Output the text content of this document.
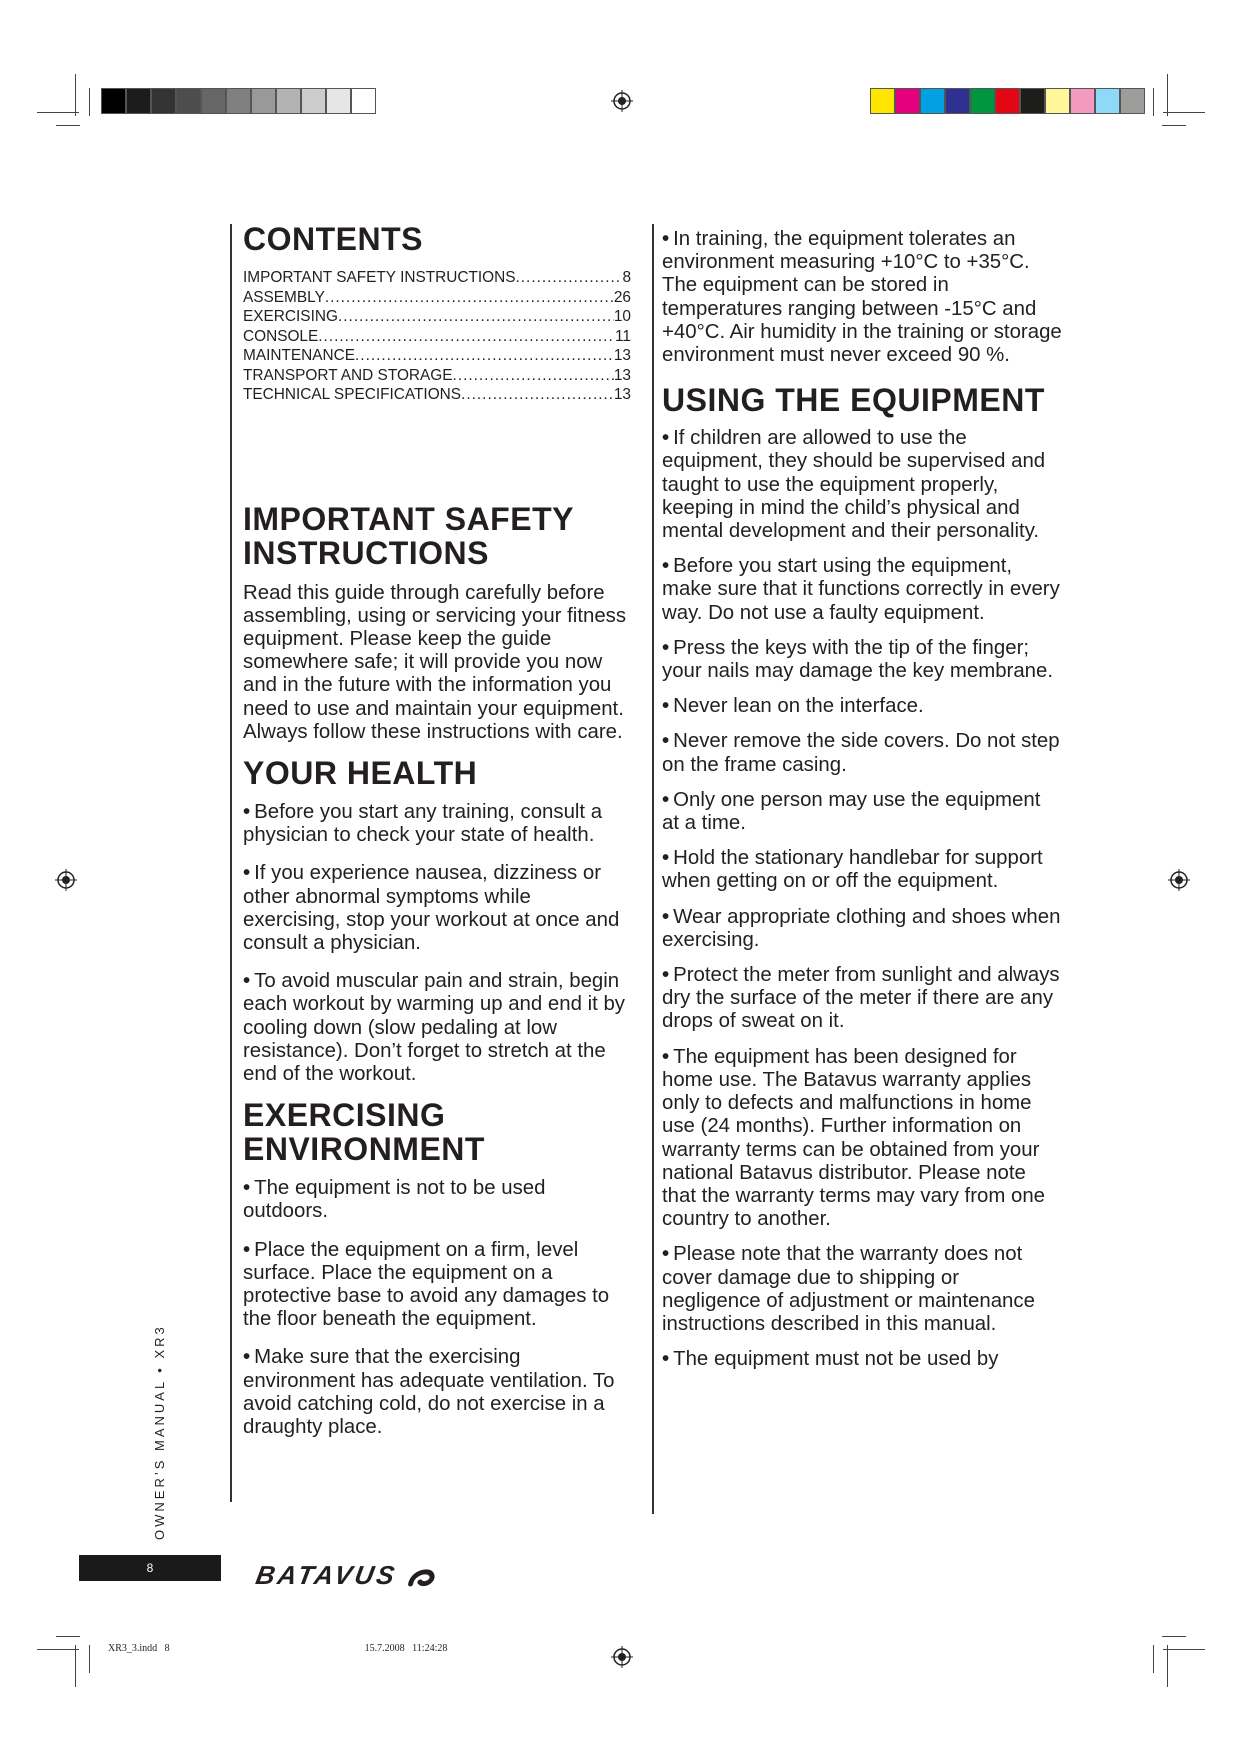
CONTENTS
IMPORTANT SAFETY INSTRUCTIONS .....	8
ASSEMBLY .....	26
EXERCISING .....	10
CONSOLE .....	11
MAINTENANCE .....	13
TRANSPORT AND STORAGE .....	13
TECHNICAL SPECIFICATIONS .....	13
IMPORTANT SAFETY
INSTRUCTIONS

Read this guide through carefully before assembling, using or servicing your fitness equipment. Please keep the guide somewhere safe; it will provide you now and in the future with the information you need to use and maintain your equipment. Always follow these instructions with care.

YOUR HEALTH

• Before you start any training, consult a physician to check your state of health.

• If you experience nausea, dizziness or other abnormal symptoms while exercising, stop your workout at once and consult a physician.

• To avoid muscular pain and strain, begin each workout by warming up and end it by cooling down (slow pedaling at low resistance). Don’t forget to stretch at the end of the workout.

EXERCISING
ENVIRONMENT

• The equipment is not to be used outdoors.

• Place the equipment on a firm, level surface. Place the equipment on a protective base to avoid any damages to the floor beneath the equipment.

• Make sure that the exercising environment has adequate ventilation. To avoid catching cold, do not exercise in a draughty place.

• In training, the equipment tolerates an environment measuring +10°C to +35°C. The equipment can be stored in temperatures ranging between -15°C and +40°C. Air humidity in the training or storage environment must never exceed 90 %.

USING THE EQUIPMENT

• If children are allowed to use the equipment, they should be supervised and taught to use the equipment properly, keeping in mind the child’s physical and mental development and their personality.

• Before you start using the equipment, make sure that it functions correctly in every way. Do not use a faulty equipment.

• Press the keys with the tip of the finger; your nails may damage the key membrane.

• Never lean on the interface.

• Never remove the side covers. Do not step on the frame casing.

• Only one person may use the equipment at a time.

• Hold the stationary handlebar for support when getting on or off the equipment.

• Wear appropriate clothing and shoes when exercising.

• Protect the meter from sunlight and always dry the surface of the meter if there are any drops of sweat on it.

• The equipment has been designed for home use. The Batavus warranty applies only to defects and malfunctions in home use (24 months). Further information on warranty terms can be obtained from your national Batavus distributor. Please note that the warranty terms may vary from one country to another.

• Please note that the warranty does not cover damage due to shipping or negligence of adjustment or maintenance instructions described in this manual.

• The equipment must not be used by

OWNER’S MANUAL • XR3
8	BATAVUS
XR3_3.indd   8                                                                              15.7.2008   11:24:28
